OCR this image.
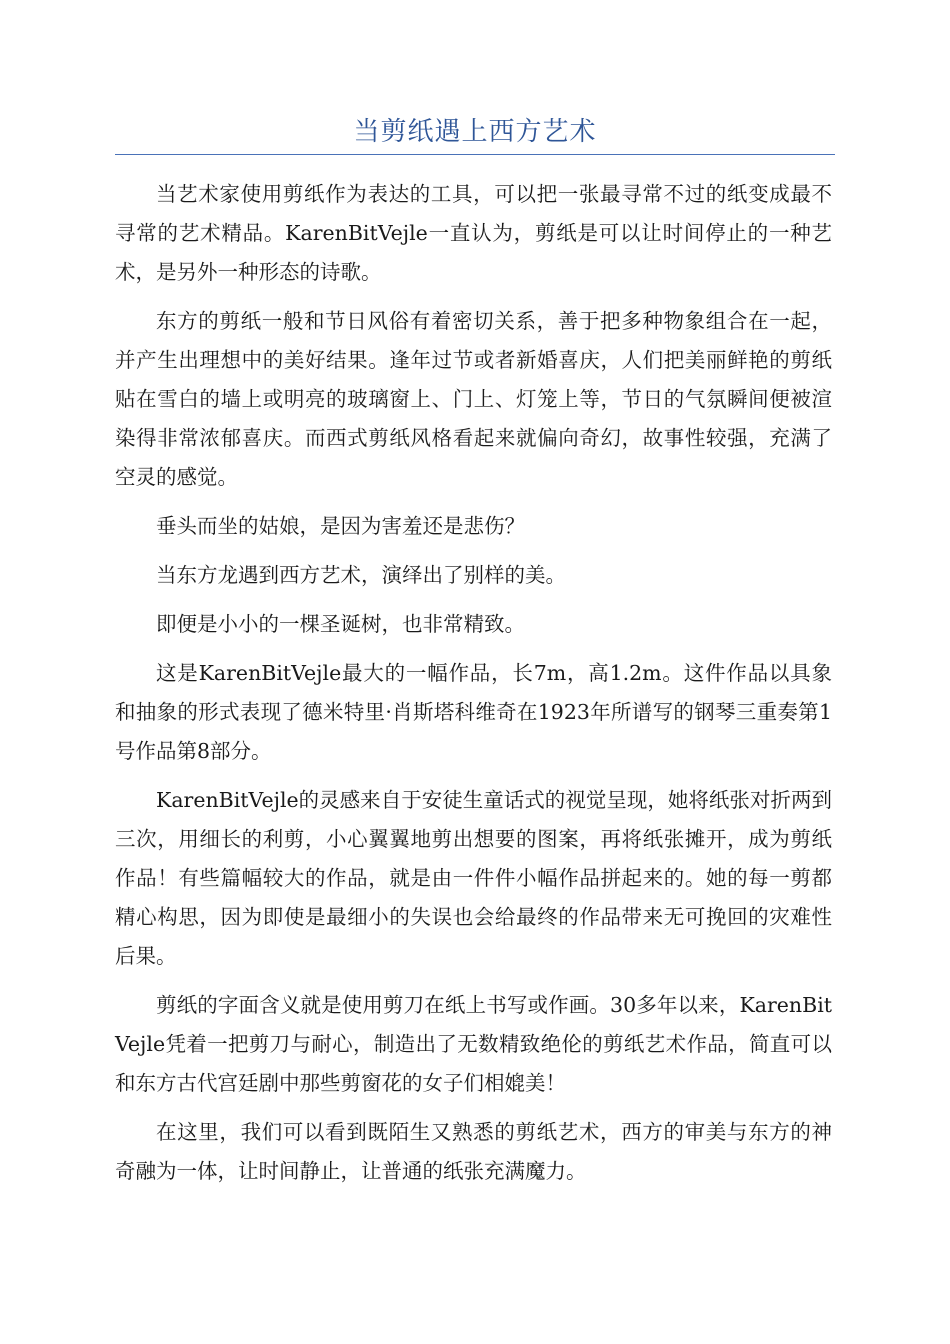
当剪纸遇上西方艺术

当艺术家使用剪纸作为表达的工具，可以把一张最寻常不过的纸变成最不寻常的艺术精品。KarenBitVejle一直认为，剪纸是可以让时间停止的一种艺术，是另外一种形态的诗歌。

东方的剪纸一般和节日风俗有着密切关系，善于把多种物象组合在一起，并产生出理想中的美好结果。逢年过节或者新婚喜庆，人们把美丽鲜艳的剪纸贴在雪白的墙上或明亮的玻璃窗上、门上、灯笼上等，节日的气氛瞬间便被渲染得非常浓郁喜庆。而西式剪纸风格看起来就偏向奇幻，故事性较强，充满了空灵的感觉。

垂头而坐的姑娘，是因为害羞还是悲伤？

当东方龙遇到西方艺术，演绎出了别样的美。

即便是小小的一棵圣诞树，也非常精致。

这是KarenBitVejle最大的一幅作品，长7m，高1.2m。这件作品以具象和抽象的形式表现了德米特里·肖斯塔科维奇在1923年所谱写的钢琴三重奏第1号作品第8部分。

KarenBitVejle的灵感来自于安徒生童话式的视觉呈现，她将纸张对折两到三次，用细长的利剪，小心翼翼地剪出想要的图案，再将纸张摊开，成为剪纸作品！有些篇幅较大的作品，就是由一件件小幅作品拼起来的。她的每一剪都精心构思，因为即使是最细小的失误也会给最终的作品带来无可挽回的灾难性后果。

剪纸的字面含义就是使用剪刀在纸上书写或作画。30多年以来，KarenBitVejle凭着一把剪刀与耐心，制造出了无数精致绝伦的剪纸艺术作品，简直可以和东方古代宫廷剧中那些剪窗花的女子们相媲美！

在这里，我们可以看到既陌生又熟悉的剪纸艺术，西方的审美与东方的神奇融为一体，让时间静止，让普通的纸张充满魔力。
